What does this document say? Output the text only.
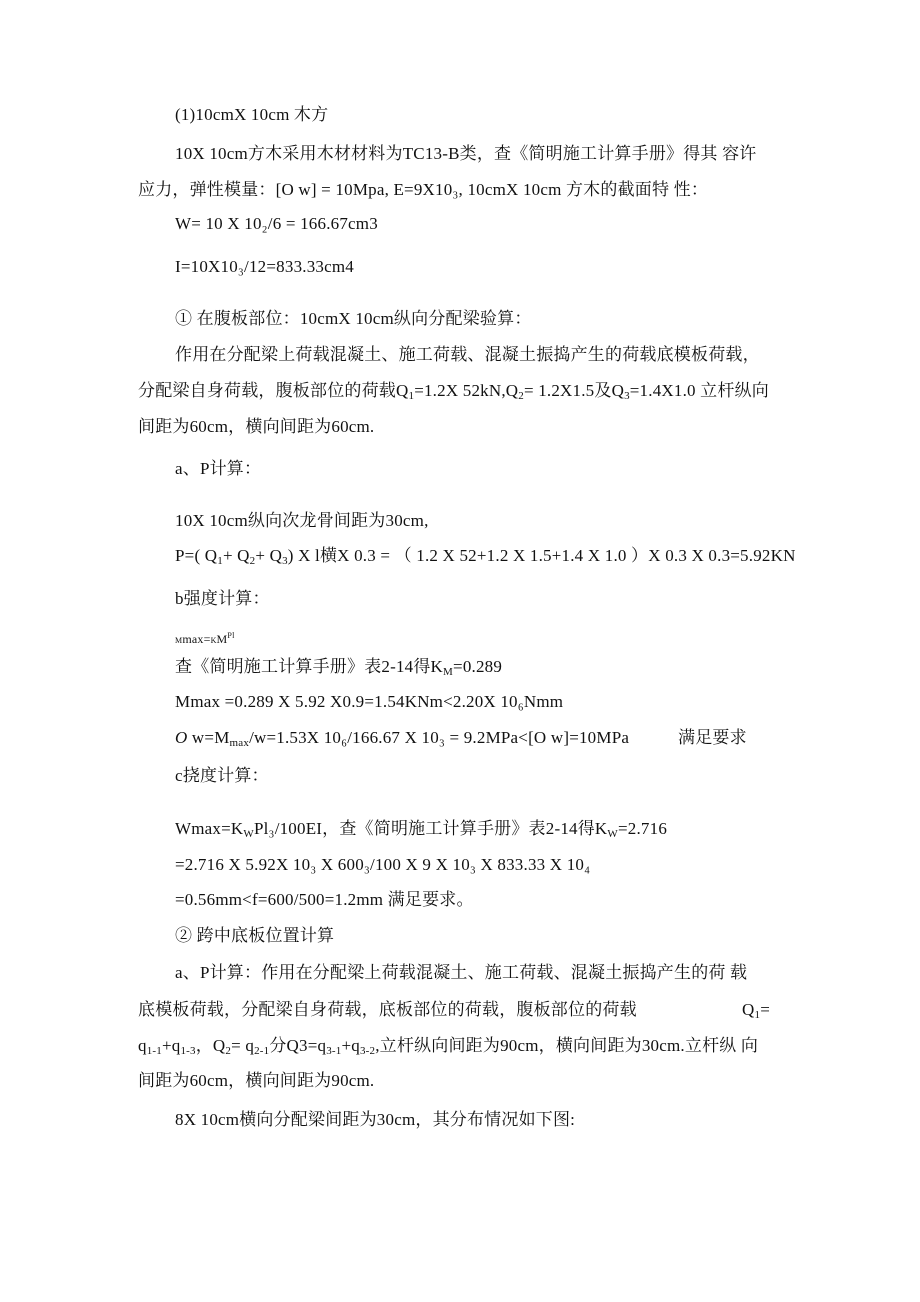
(1)10cmX 10cm 木方
10X 10cm方木采用木材材料为TC13-B类，查《简明施工计算手册》得其 容许
应力，弹性模量：[O w] = 10Mpa, E=9X10₃, 10cmX 10cm 方木的截面特 性：
W= 10 X 10₂/6 = 166.67cm3
I=10X10₃/12=833.33cm4
① 在腹板部位：10cmX 10cm纵向分配梁验算：
作用在分配梁上荷载混凝土、施工荷载、混凝土振捣产生的荷载底模板荷载，
分配梁自身荷载，腹板部位的荷载$Q_1=1.2X$ $52kN,Q_2= 1.2X1.5$及$Q_3=1.4X1.0$ 立杆纵向
间距为60cm，横向间距为60cm.
a、P计算：
10X 10cm纵向次龙骨间距为30cm,
P=( $Q_1+ Q_2+ Q_3$) X l横X 0.3 = （ 1.2 X 52+1.2 X 1.5+1.4 X 1.0 ）X 0.3 X 0.3=5.92KN
b强度计算：
$Mmax=KM^{Pl}$
查《简明施工计算手册》表2-14得$K_M=0.289$
Mmax =0.289 X 5.92 X0.9=1.54KNm<2.20X 10₆Nmm
O $w=M_{max}/w=1.53X$ 10₆/166.67 X 10₃ = 9.2MPa<[O w]=10MPa	满足要求
c挠度计算：
$Wmax=K_WPl_3/100EI$，查《简明施工计算手册》表2-14得$K_W=2.716$
=2.716 X 5.92X 10₃ X 600₃/100 X 9 X 10₃ X 833.33 X 10₄
=0.56mm<f=600/500=1.2mm 满足要求。
② 跨中底板位置计算
a、P计算：作用在分配梁上荷载混凝土、施工荷载、混凝土振捣产生的荷 载
底模板荷载，分配梁自身荷载，底板部位的荷载，腹板部位的荷载	$Q_1=$
$q_{1-1}+q_{1-3}$，$Q_2= q_{2-1}$分$Q3=q_{3-1}+q_{3-2}$,立杆纵向间距为90cm，横向间距为30cm.立杆纵 向
间距为60cm，横向间距为90cm.
8X 10cm横向分配梁间距为30cm，其分布情况如下图:
